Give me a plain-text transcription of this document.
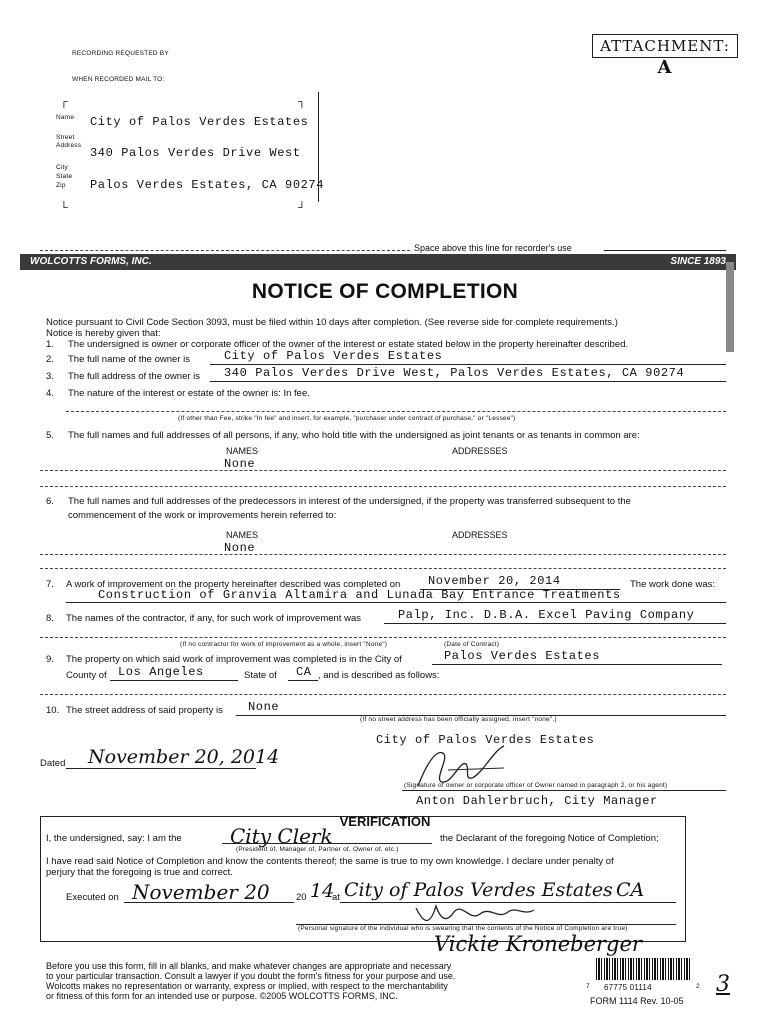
ATTACHMENT: A
RECORDING REQUESTED BY
WHEN RECORDED MAIL TO:
┌	┐
Name City of Palos Verdes Estates
Street
Address
340 Palos Verdes Drive West
City
State
Zip Palos Verdes Estates, CA 90274
└	┘
Space above this line for recorder's use
WOLCOTTS FORMS, INC.	SINCE 1893
NOTICE OF COMPLETION
Notice pursuant to Civil Code Section 3093, must be filed within 10 days after completion. (See reverse side for complete requirements.)
Notice is hereby given that:
1. The undersigned is owner or corporate officer of the owner of the interest or estate stated below in the property hereinafter described.
2. The full name of the owner is	City of Palos Verdes Estates
3. The full address of the owner is 340 Palos Verdes Drive West, Palos Verdes Estates, CA 90274
4. The nature of the interest or estate of the owner is: In fee.
(If other than Fee, strike "In fee" and insert, for example, "purchaser under contract of purchase," or "Lessee")
5. The full names and full addresses of all persons, if any, who hold title with the undersigned as joint tenants or as tenants in common are:
NAMES	ADDRESSES
None
6. The full names and full addresses of the predecessors in interest of the undersigned, if the property was transferred subsequent to the
commencement of the work or improvements herein referred to:
NAMES	ADDRESSES
None
7. A work of improvement on the property hereinafter described was completed on November 20, 2014	The work done was:
Construction of Granvia Altamira and Lunada Bay Entrance Treatments
8. The names of the contractor, if any, for such work of improvement was	Palp, Inc. D.B.A. Excel Paving Company
(If no contractor for work of improvement as a whole, insert "None")	(Date of Contract)
9. The property on which said work of improvement was completed is in the City of	Palos Verdes Estates
County of Los Angeles	State of CA , and is described as follows:
10. The street address of said property is None
(If no street address has been officially assigned, insert "none".)
City of Palos Verdes Estates
Dated November 20, 2014
(Signature of owner or corporate officer of Owner named in paragraph 2, or his agent)
Anton Dahlerbruch, City Manager
VERIFICATION
I, the undersigned, say: I am the City Clerk	the Declarant of the foregoing Notice of Completion;
(President of, Manager of, Partner of, Owner of, etc.)
I have read said Notice of Completion and know the contents thereof; the same is true to my own knowledge. I declare under penalty of
perjury that the foregoing is true and correct.
Executed on November 20	20 14
at City of Palos Verdes Estates CA
(Personal signature of the individual who is swearing that the contents of the Notice of Completion are true)
Vickie Kroneberger
Before you use this form, fill in all blanks, and make whatever changes are appropriate and necessary
to your particular transaction. Consult a lawyer if you doubt the form's fitness for your purpose and use.
Wolcotts makes no representation or warranty, express or implied, with respect to the merchantability
or fitness of this form for an intended use or purpose. ©2005 WOLCOTTS FORMS, INC.
7 67775 01114	2
FORM 1114 Rev. 10-05
3
